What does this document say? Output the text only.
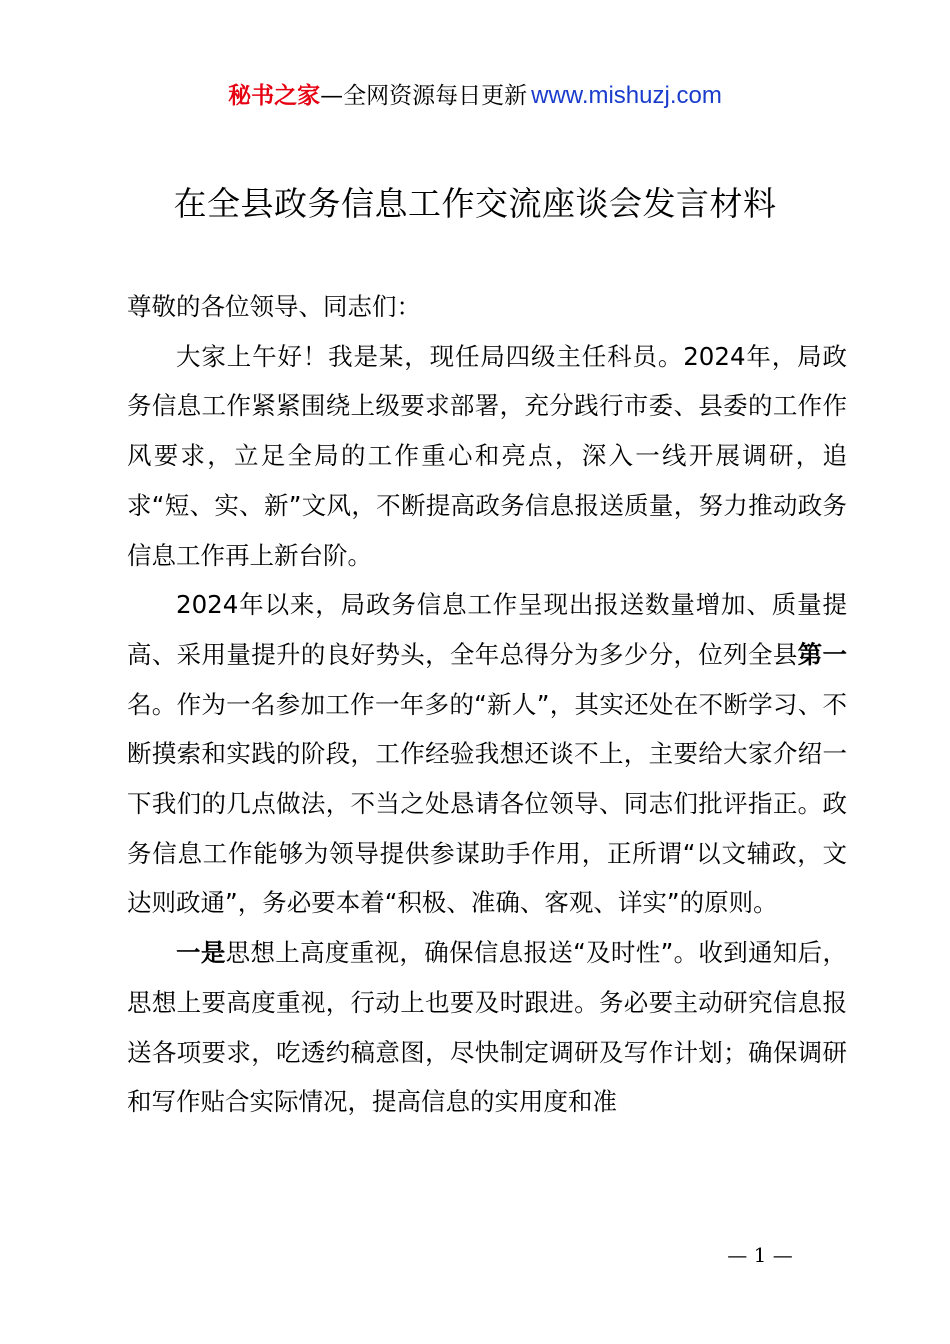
秘书之家—全网资源每日更新 www.mishuzj.com
在全县政务信息工作交流座谈会发言材料

尊敬的各位领导、同志们：

大家上午好！我是某，现任局四级主任科员。2024年，局政务信息工作紧紧围绕上级要求部署，充分践行市委、县委的工作作风要求，立足全局的工作重心和亮点，深入一线开展调研，追求“短、实、新”文风，不断提高政务信息报送质量，努力推动政务信息工作再上新台阶。

2024年以来，局政务信息工作呈现出报送数量增加、质量提高、采用量提升的良好势头，全年总得分为多少分，位列全县第一名。作为一名参加工作一年多的“新人”，其实还处在不断学习、不断摸索和实践的阶段，工作经验我想还谈不上，主要给大家介绍一下我们的几点做法，不当之处恳请各位领导、同志们批评指正。政务信息工作能够为领导提供参谋助手作用，正所谓“以文辅政，文达则政通”，务必要本着“积极、准确、客观、详实”的原则。

一是思想上高度重视，确保信息报送“及时性”。收到通知后，思想上要高度重视，行动上也要及时跟进。务必要主动研究信息报送各项要求，吃透约稿意图，尽快制定调研及写作计划；确保调研和写作贴合实际情况，提高信息的实用度和准

— 1 —
